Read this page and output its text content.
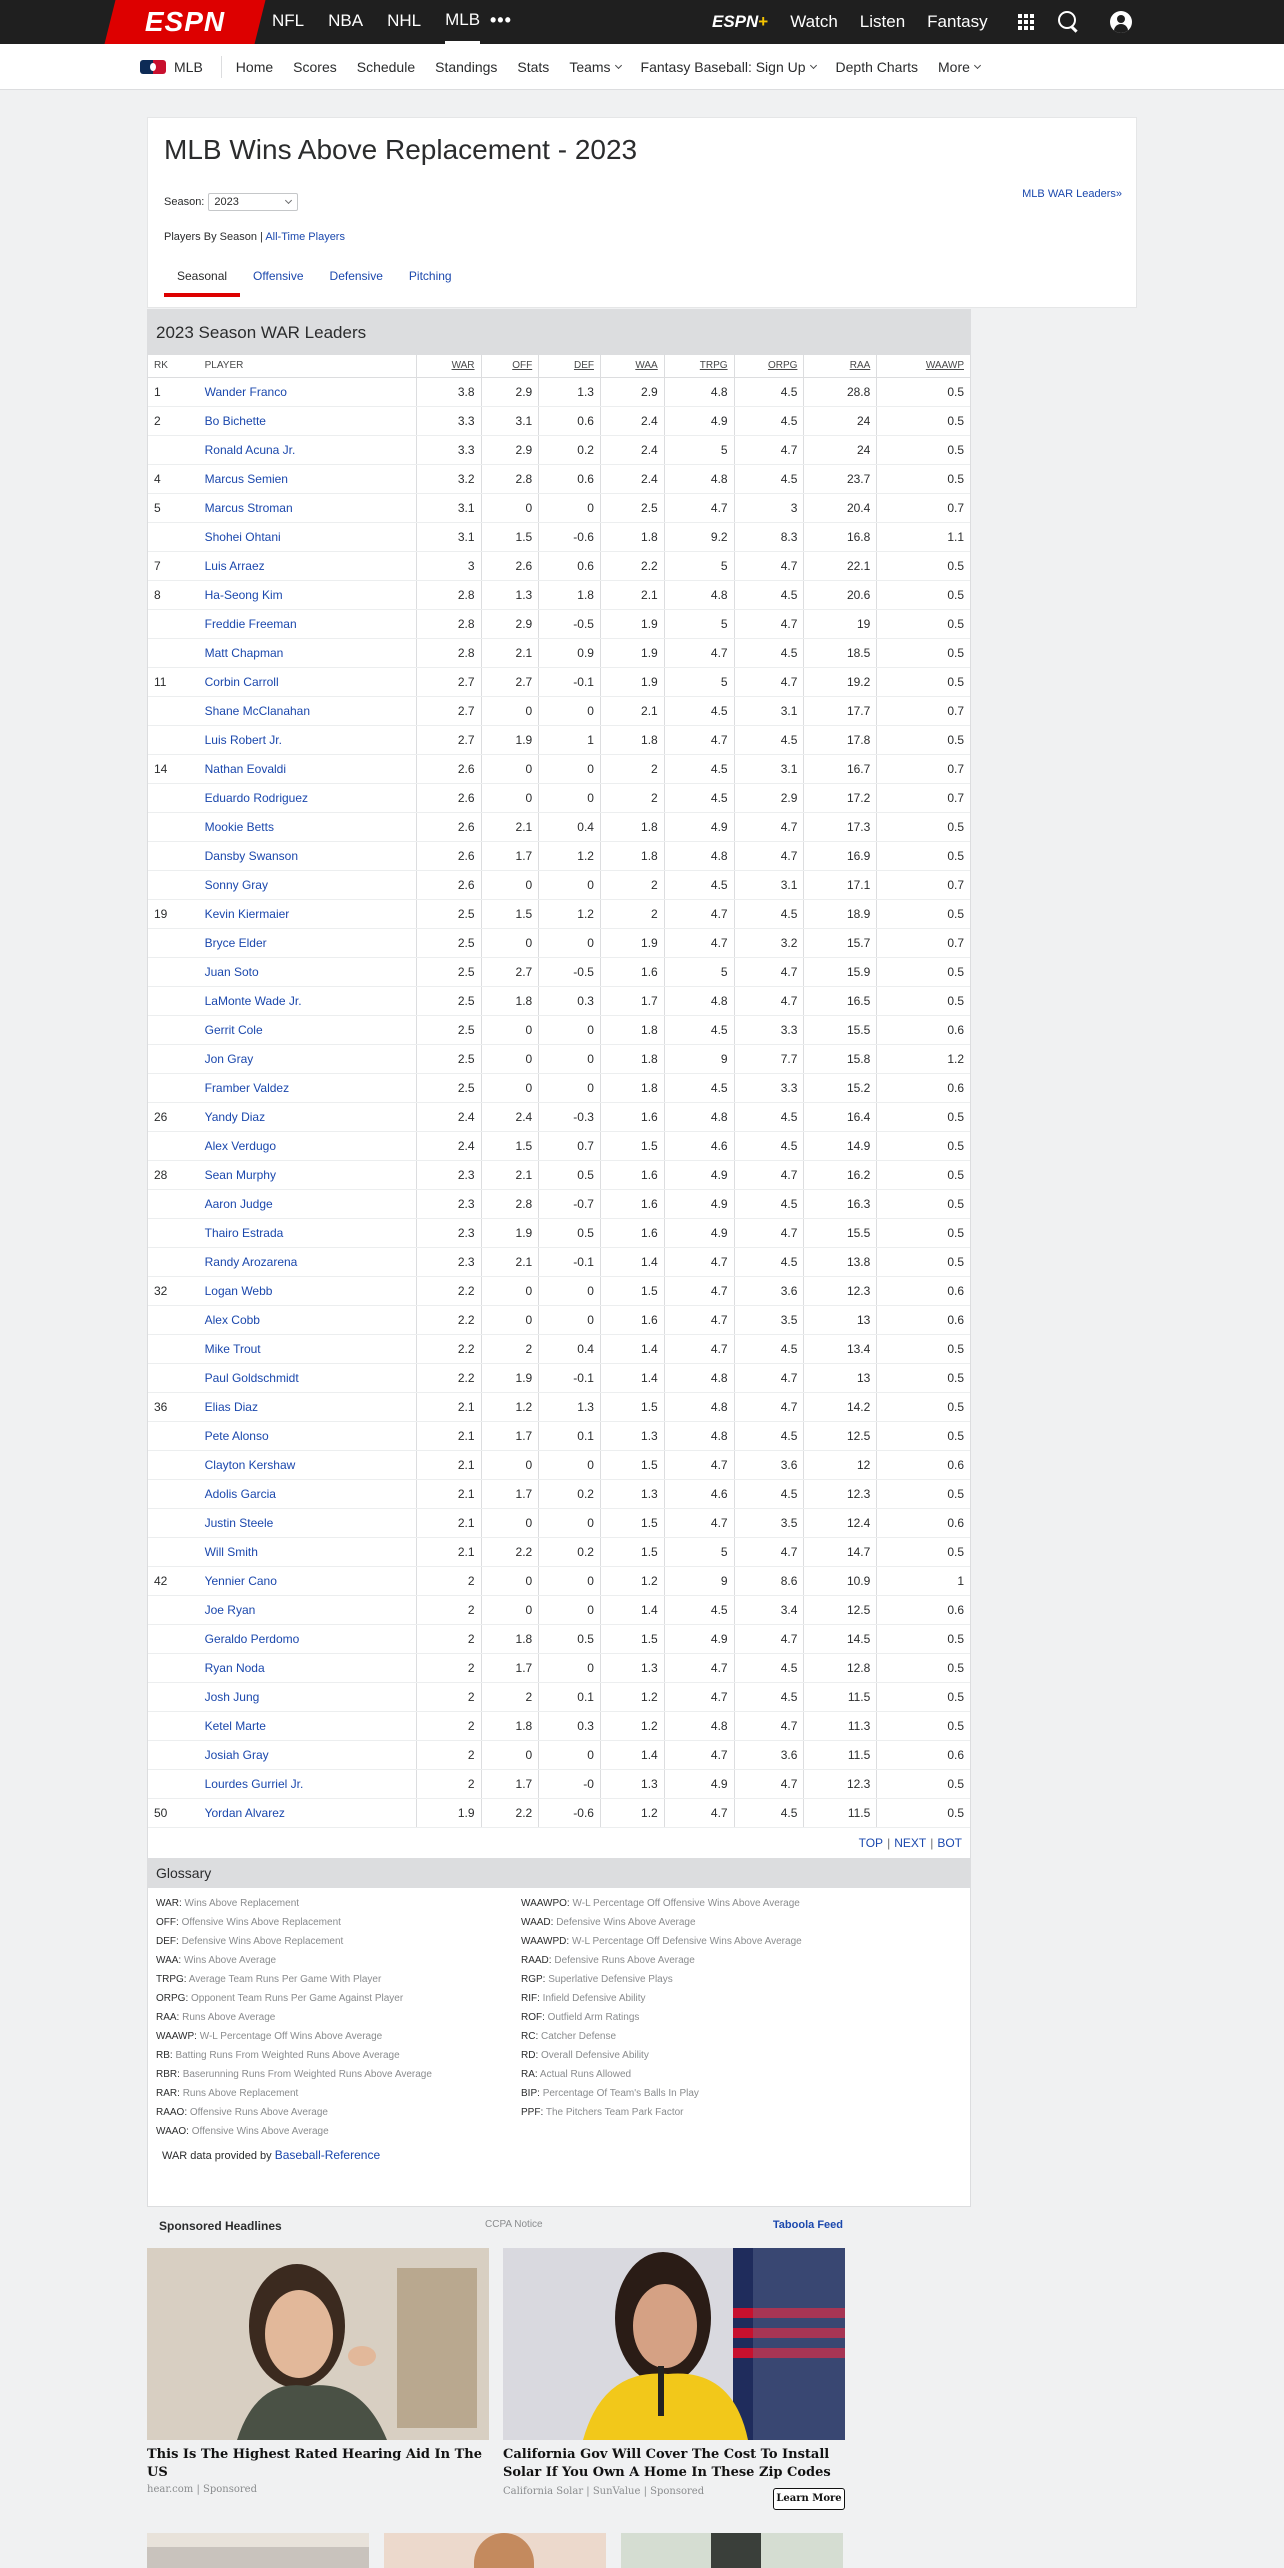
ESPN	NFL NBA NHL MLB •••	ESPN+ Watch Listen Fantasy
MLB Home Scores Schedule Standings Stats Teams Fantasy Baseball: Sign Up Depth Charts More
MLB Wins Above Replacement - 2023
MLB WAR Leaders»
Season: 2023
Players By Season | All-Time Players
Seasonal	Offensive	Defensive	Pitching
2023 Season WAR Leaders
RK	PLAYER	WAR	OFF	DEF	WAA	TRPG	ORPG	RAA	WAAWP
1	Wander Franco	3.8	2.9	1.3	2.9	4.8	4.5	28.8	0.5
2	Bo Bichette	3.3	3.1	0.6	2.4	4.9	4.5	24	0.5
	Ronald Acuna Jr.	3.3	2.9	0.2	2.4	5	4.7	24	0.5
4	Marcus Semien	3.2	2.8	0.6	2.4	4.8	4.5	23.7	0.5
5	Marcus Stroman	3.1	0	0	2.5	4.7	3	20.4	0.7
	Shohei Ohtani	3.1	1.5	-0.6	1.8	9.2	8.3	16.8	1.1
7	Luis Arraez	3	2.6	0.6	2.2	5	4.7	22.1	0.5
8	Ha-Seong Kim	2.8	1.3	1.8	2.1	4.8	4.5	20.6	0.5
	Freddie Freeman	2.8	2.9	-0.5	1.9	5	4.7	19	0.5
	Matt Chapman	2.8	2.1	0.9	1.9	4.7	4.5	18.5	0.5
11	Corbin Carroll	2.7	2.7	-0.1	1.9	5	4.7	19.2	0.5
	Shane McClanahan	2.7	0	0	2.1	4.5	3.1	17.7	0.7
	Luis Robert Jr.	2.7	1.9	1	1.8	4.7	4.5	17.8	0.5
14	Nathan Eovaldi	2.6	0	0	2	4.5	3.1	16.7	0.7
	Eduardo Rodriguez	2.6	0	0	2	4.5	2.9	17.2	0.7
	Mookie Betts	2.6	2.1	0.4	1.8	4.9	4.7	17.3	0.5
	Dansby Swanson	2.6	1.7	1.2	1.8	4.8	4.7	16.9	0.5
	Sonny Gray	2.6	0	0	2	4.5	3.1	17.1	0.7
19	Kevin Kiermaier	2.5	1.5	1.2	2	4.7	4.5	18.9	0.5
	Bryce Elder	2.5	0	0	1.9	4.7	3.2	15.7	0.7
	Juan Soto	2.5	2.7	-0.5	1.6	5	4.7	15.9	0.5
	LaMonte Wade Jr.	2.5	1.8	0.3	1.7	4.8	4.7	16.5	0.5
	Gerrit Cole	2.5	0	0	1.8	4.5	3.3	15.5	0.6
	Jon Gray	2.5	0	0	1.8	9	7.7	15.8	1.2
	Framber Valdez	2.5	0	0	1.8	4.5	3.3	15.2	0.6
26	Yandy Diaz	2.4	2.4	-0.3	1.6	4.8	4.5	16.4	0.5
	Alex Verdugo	2.4	1.5	0.7	1.5	4.6	4.5	14.9	0.5
28	Sean Murphy	2.3	2.1	0.5	1.6	4.9	4.7	16.2	0.5
	Aaron Judge	2.3	2.8	-0.7	1.6	4.9	4.5	16.3	0.5
	Thairo Estrada	2.3	1.9	0.5	1.6	4.9	4.7	15.5	0.5
	Randy Arozarena	2.3	2.1	-0.1	1.4	4.7	4.5	13.8	0.5
32	Logan Webb	2.2	0	0	1.5	4.7	3.6	12.3	0.6
	Alex Cobb	2.2	0	0	1.6	4.7	3.5	13	0.6
	Mike Trout	2.2	2	0.4	1.4	4.7	4.5	13.4	0.5
	Paul Goldschmidt	2.2	1.9	-0.1	1.4	4.8	4.7	13	0.5
36	Elias Diaz	2.1	1.2	1.3	1.5	4.8	4.7	14.2	0.5
	Pete Alonso	2.1	1.7	0.1	1.3	4.8	4.5	12.5	0.5
	Clayton Kershaw	2.1	0	0	1.5	4.7	3.6	12	0.6
	Adolis Garcia	2.1	1.7	0.2	1.3	4.6	4.5	12.3	0.5
	Justin Steele	2.1	0	0	1.5	4.7	3.5	12.4	0.6
	Will Smith	2.1	2.2	0.2	1.5	5	4.7	14.7	0.5
42	Yennier Cano	2	0	0	1.2	9	8.6	10.9	1
	Joe Ryan	2	0	0	1.4	4.5	3.4	12.5	0.6
	Geraldo Perdomo	2	1.8	0.5	1.5	4.9	4.7	14.5	0.5
	Ryan Noda	2	1.7	0	1.3	4.7	4.5	12.8	0.5
	Josh Jung	2	2	0.1	1.2	4.7	4.5	11.5	0.5
	Ketel Marte	2	1.8	0.3	1.2	4.8	4.7	11.3	0.5
	Josiah Gray	2	0	0	1.4	4.7	3.6	11.5	0.6
	Lourdes Gurriel Jr.	2	1.7	-0	1.3	4.9	4.7	12.3	0.5
50	Yordan Alvarez	1.9	2.2	-0.6	1.2	4.7	4.5	11.5	0.5
TOP | NEXT | BOT
Glossary
WAR: Wins Above Replacement
OFF: Offensive Wins Above Replacement
DEF: Defensive Wins Above Replacement
WAA: Wins Above Average
TRPG: Average Team Runs Per Game With Player
ORPG: Opponent Team Runs Per Game Against Player
RAA: Runs Above Average
WAAWP: W-L Percentage Off Wins Above Average
RB: Batting Runs From Weighted Runs Above Average
RBR: Baserunning Runs From Weighted Runs Above Average
RAR: Runs Above Replacement
RAAO: Offensive Runs Above Average
WAAO: Offensive Wins Above Average
WAAWPO: W-L Percentage Off Offensive Wins Above Average
WAAD: Defensive Wins Above Average
WAAWPD: W-L Percentage Off Defensive Wins Above Average
RAAD: Defensive Runs Above Average
RGP: Superlative Defensive Plays
RIF: Infield Defensive Ability
ROF: Outfield Arm Ratings
RC: Catcher Defense
RD: Overall Defensive Ability
RA: Actual Runs Allowed
BIP: Percentage Of Team's Balls In Play
PPF: The Pitchers Team Park Factor
WAR data provided by Baseball-Reference
Sponsored Headlines	CCPA Notice	Taboola Feed
This Is The Highest Rated Hearing Aid In The US
hear.com | Sponsored
California Gov Will Cover The Cost To Install Solar If You Own A Home In These Zip Codes
California Solar | SunValue | Sponsored
Learn More
